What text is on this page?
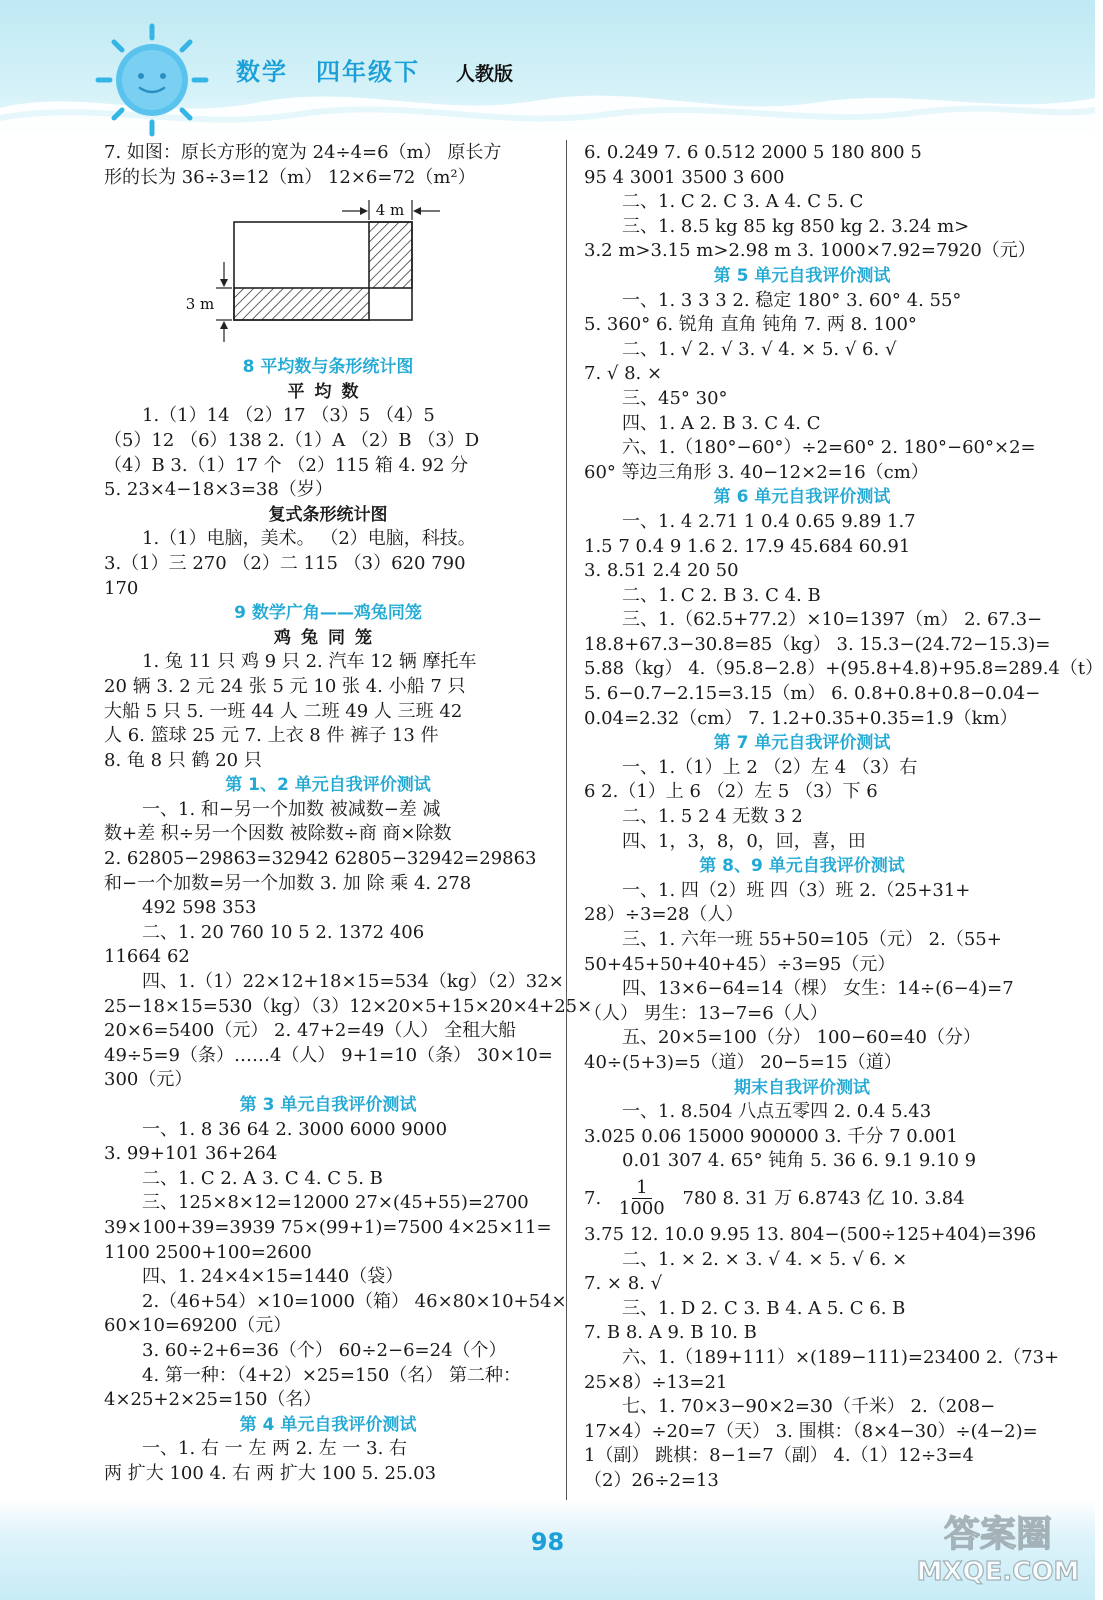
数学 四年级下 人教版
7. 如图：原长方形的宽为 24÷4=6（m） 原长方
形的长为 36÷3=12（m） 12×6=72（m²）
4 m
3 m
8 平均数与条形统计图
平均数
1.（1）14 （2）17 （3）5 （4）5
（5）12 （6）138 2.（1）A （2）B （3）D
（4）B 3.（1）17 个 （2）115 箱 4. 92 分
5. 23×4−18×3=38（岁）
复式条形统计图
1.（1）电脑，美术。 （2）电脑，科技。
3.（1）三 270 （2）二 115 （3）620 790
170
9 数学广角——鸡兔同笼
鸡兔同笼
1. 兔 11 只 鸡 9 只 2. 汽车 12 辆 摩托车
20 辆 3. 2 元 24 张 5 元 10 张 4. 小船 7 只
大船 5 只 5. 一班 44 人 二班 49 人 三班 42
人 6. 篮球 25 元 7. 上衣 8 件 裤子 13 件
8. 龟 8 只 鹤 20 只
第 1、2 单元自我评价测试
一、1. 和−另一个加数 被减数−差 减
数+差 积÷另一个因数 被除数÷商 商×除数
2. 62805−29863=32942 62805−32942=29863
和−一个加数=另一个加数 3. 加 除 乘 4. 278
492 598 353
二、1. 20 760 10 5 2. 1372 406
11664 62
四、1.（1）22×12+18×15=534（kg）（2）32×
25−18×15=530（kg）（3）12×20×5+15×20×4+25×
20×6=5400（元） 2. 47+2=49（人） 全租大船
49÷5=9（条）……4（人） 9+1=10（条） 30×10=
300（元）
第 3 单元自我评价测试
一、1. 8 36 64 2. 3000 6000 9000
3. 99+101 36+264
二、1. C 2. A 3. C 4. C 5. B
三、125×8×12=12000 27×(45+55)=2700
39×100+39=3939 75×(99+1)=7500 4×25×11=
1100 2500+100=2600
四、1. 24×4×15=1440（袋）
2.（46+54）×10=1000（箱） 46×80×10+54×
60×10=69200（元）
3. 60÷2+6=36（个） 60÷2−6=24（个）
4. 第一种：（4+2）×25=150（名） 第二种：
4×25+2×25=150（名）
第 4 单元自我评价测试
一、1. 右 一 左 两 2. 左 一 3. 右
两 扩大 100 4. 右 两 扩大 100 5. 25.03
6. 0.249 7. 6 0.512 2000 5 180 800 5
95 4 3001 3500 3 600
二、1. C 2. C 3. A 4. C 5. C
三、1. 8.5 kg 85 kg 850 kg 2. 3.24 m>
3.2 m>3.15 m>2.98 m 3. 1000×7.92=7920（元）
第 5 单元自我评价测试
一、1. 3 3 3 2. 稳定 180° 3. 60° 4. 55°
5. 360° 6. 锐角 直角 钝角 7. 两 8. 100°
二、1. √ 2. √ 3. √ 4. × 5. √ 6. √
7. √ 8. ×
三、45° 30°
四、1. A 2. B 3. C 4. C
六、1.（180°−60°）÷2=60° 2. 180°−60°×2=
60° 等边三角形 3. 40−12×2=16（cm）
第 6 单元自我评价测试
一、1. 4 2.71 1 0.4 0.65 9.89 1.7
1.5 7 0.4 9 1.6 2. 17.9 45.684 60.91
3. 8.51 2.4 20 50
二、1. C 2. B 3. C 4. B
三、1.（62.5+77.2）×10=1397（m） 2. 67.3−
18.8+67.3−30.8=85（kg） 3. 15.3−(24.72−15.3)=
5.88（kg） 4.（95.8−2.8）+(95.8+4.8)+95.8=289.4（t）
5. 6−0.7−2.15=3.15（m） 6. 0.8+0.8+0.8−0.04−
0.04=2.32（cm） 7. 1.2+0.35+0.35=1.9（km）
第 7 单元自我评价测试
一、1.（1）上 2 （2）左 4 （3）右
6 2.（1）上 6 （2）左 5 （3）下 6
二、1. 5 2 4 无数 3 2
四、1，3，8，0，回，喜，田
第 8、9 单元自我评价测试
一、1. 四（2）班 四（3）班 2.（25+31+
28）÷3=28（人）
三、1. 六年一班 55+50=105（元） 2.（55+
50+45+50+40+45）÷3=95（元）
四、13×6−64=14（棵） 女生：14÷(6−4)=7
（人） 男生：13−7=6（人）
五、20×5=100（分） 100−60=40（分）
40÷(5+3)=5（道） 20−5=15（道）
期末自我评价测试
一、1. 8.504 八点五零四 2. 0.4 5.43
3.025 0.06 15000 900000 3. 千分 7 0.001
0.01 307 4. 65° 钝角 5. 36 6. 9.1 9.10 9
7. $\frac{1}{1000} 780$ 8. 31 万 6.8743 亿 10. 3.84
3.75 12. 10.0 9.95 13. 804−(500÷125+404)=396
二、1. × 2. × 3. √ 4. × 5. √ 6. ×
7. × 8. √
三、1. D 2. C 3. B 4. A 5. C 6. B
7. B 8. A 9. B 10. B
六、1.（189+111）×(189−111)=23400 2.（73+
25×8）÷13=21
七、1. 70×3−90×2=30（千米） 2.（208−
17×4）÷20=7（天） 3. 围棋：（8×4−30）÷(4−2)=
1（副） 跳棋：8−1=7（副） 4.（1）12÷3=4
（2）26÷2=13
98	答案圈 MXQE.COM
